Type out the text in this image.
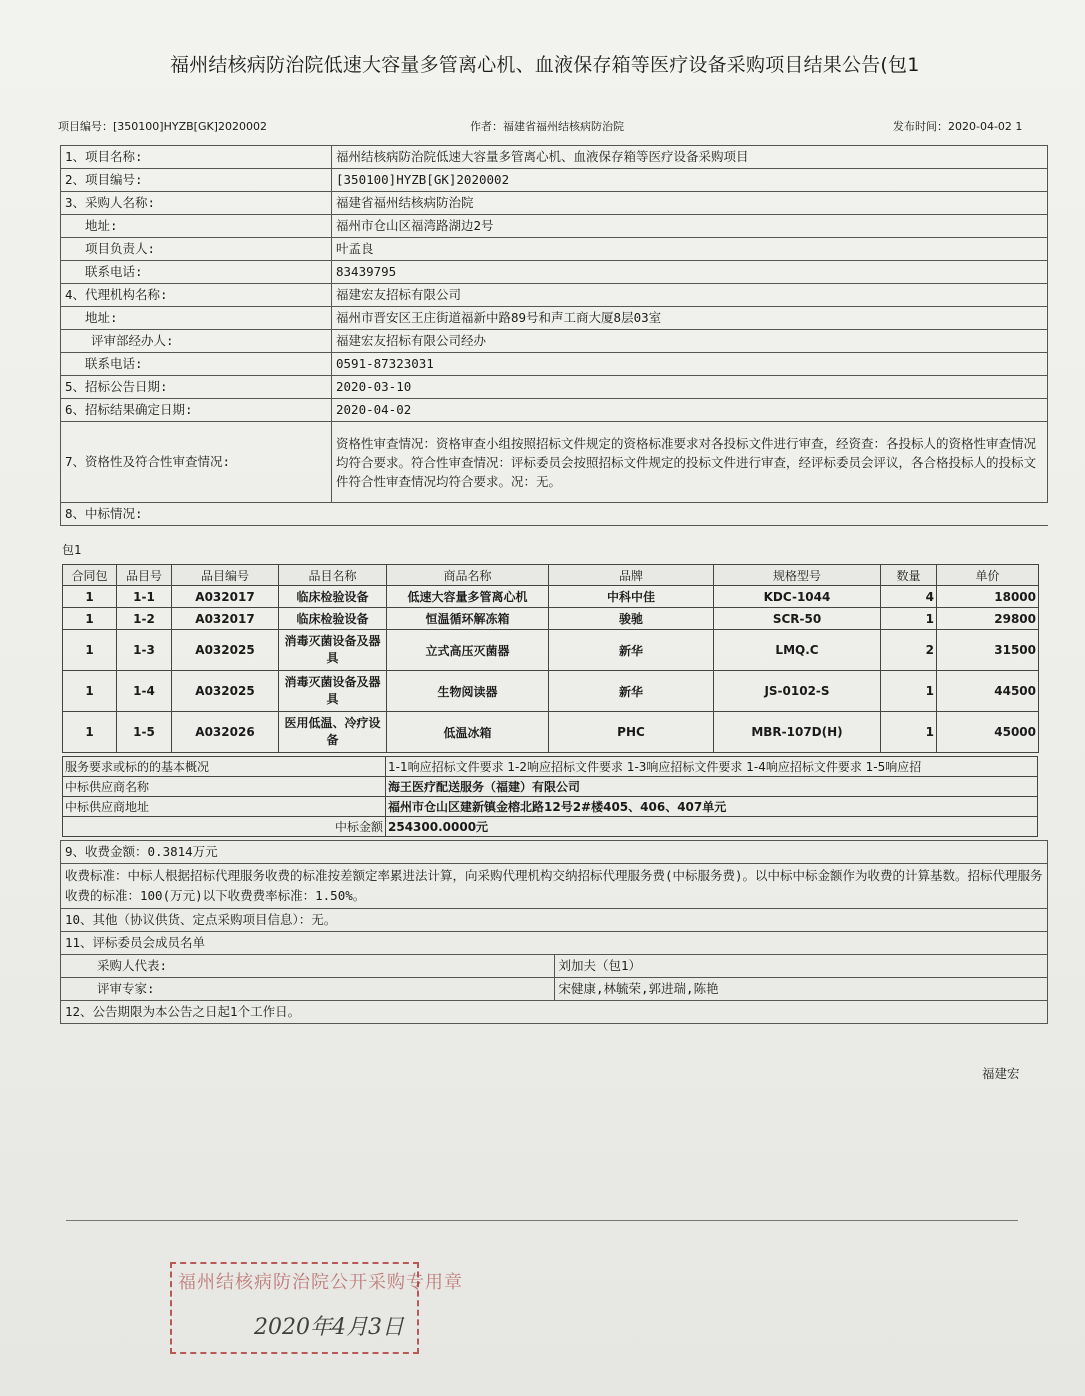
福州结核病防治院低速大容量多管离心机、血液保存箱等医疗设备采购项目结果公告(包1
项目编号：[350100]HYZB[GK]2020002	作者：福建省福州结核病防治院	发布时间：2020-04-02 1
1、项目名称:	福州结核病防治院低速大容量多管离心机、血液保存箱等医疗设备采购项目
2、项目编号:	[350100]HYZB[GK]2020002
3、采购人名称:	福建省福州结核病防治院
地址:	福州市仓山区福湾路湖边2号
项目负责人:	叶孟良
联系电话:	83439795
4、代理机构名称:	福建宏友招标有限公司
地址:	福州市晋安区王庄街道福新中路89号和声工商大厦8层03室
评审部经办人:	福建宏友招标有限公司经办
联系电话:	0591-87323031
5、招标公告日期:	2020-03-10
6、招标结果确定日期:	2020-04-02
7、资格性及符合性审查情况:	资格性审查情况：资格审查小组按照招标文件规定的资格标准要求对各投标文件进行审查，经资查：各投标人的资格性审查情况均符合要求。符合性审查情况：评标委员会按照招标文件规定的投标文件进行审查，经评标委员会评议，各合格投标人的投标文件符合性审查情况均符合要求。况：无。
8、中标情况:	
包1
合同包	品目号	品目编号	品目名称	商品名称	品牌	规格型号	数量	单价
1	1-1	A032017	临床检验设备	低速大容量多管离心机	中科中佳	KDC-1044	4	18000
1	1-2	A032017	临床检验设备	恒温循环解冻箱	骏驰	SCR-50	1	29800
1	1-3	A032025	消毒灭菌设备及器具	立式高压灭菌器	新华	LMQ.C	2	31500
1	1-4	A032025	消毒灭菌设备及器具	生物阅读器	新华	JS-0102-S	1	44500
1	1-5	A032026	医用低温、冷疗设备	低温冰箱	PHC	MBR-107D(H)	1	45000
服务要求或标的的基本概况	1-1响应招标文件要求 1-2响应招标文件要求 1-3响应招标文件要求 1-4响应招标文件要求 1-5响应招
中标供应商名称	海王医疗配送服务（福建）有限公司
中标供应商地址	福州市仓山区建新镇金榕北路12号2#楼405、406、407单元
中标金额	254300.0000元
9、收费金额：0.3814万元	
收费标准：中标人根据招标代理服务收费的标准按差额定率累进法计算，向采购代理机构交纳招标代理服务费(中标服务费)。以中标中标金额作为收费的计算基数。招标代理服务收费的标准：100(万元)以下收费费率标准：1.50%。	
10、其他（协议供货、定点采购项目信息）：无。	
11、评标委员会成员名单	
采购人代表:	刘加夫（包1）
评审专家:	宋健康,林毓荣,郭进瑞,陈艳
12、公告期限为本公告之日起1个工作日。	
福建宏
福州结核病防治院公开采购专用章
2020年4月3日
